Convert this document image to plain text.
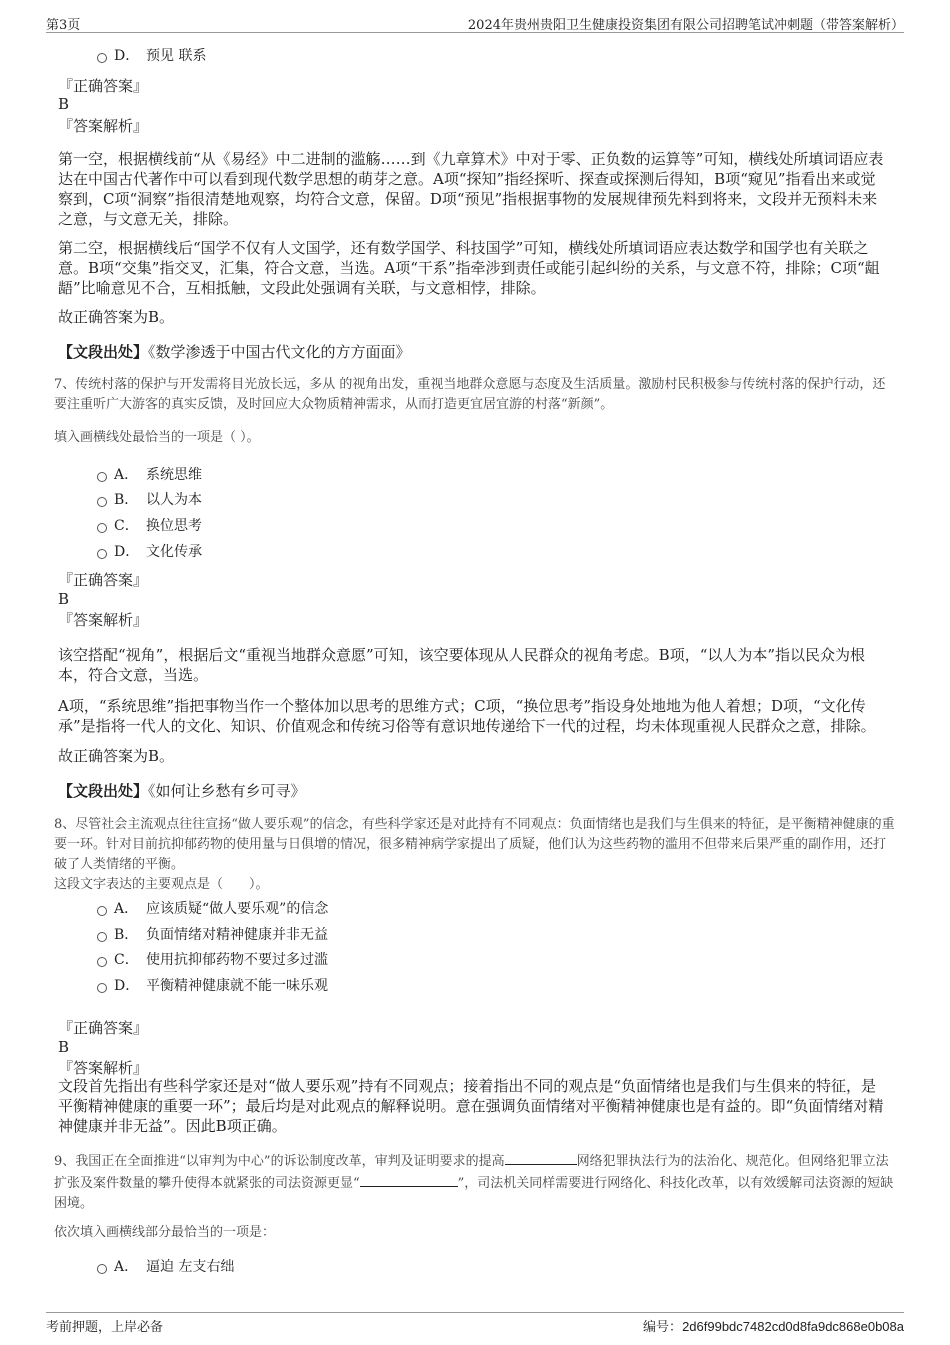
第3页	2024年贵州贵阳卫生健康投资集团有限公司招聘笔试冲刺题（带答案解析）
D． 预见 联系
『正确答案』
B
『答案解析』

第一空，根据横线前“从《易经》中二进制的滥觞……到《九章算术》中对于零、正负数的运算等”可知，横线处所填词语应表达在中国古代著作中可以看到现代数学思想的萌芽之意。A项“探知”指经探听、探查或探测后得知，B项“窥见”指看出来或觉察到，C项“洞察”指很清楚地观察，均符合文意，保留。D项“预见”指根据事物的发展规律预先料到将来，文段并无预料未来之意，与文意无关，排除。

第二空，根据横线后“国学不仅有人文国学，还有数学国学、科技国学”可知，横线处所填词语应表达数学和国学也有关联之意。B项“交集”指交叉，汇集，符合文意，当选。A项“干系”指牵涉到责任或能引起纠纷的关系，与文意不符，排除；C项“龃龉”比喻意见不合，互相抵触，文段此处强调有关联，与文意相悖，排除。

故正确答案为B。

【文段出处】《数学渗透于中国古代文化的方方面面》

7、传统村落的保护与开发需将目光放长远，多从 的视角出发，重视当地群众意愿与态度及生活质量。激励村民积极参与传统村落的保护行动，还要注重听广大游客的真实反馈，及时回应大众物质精神需求，从而打造更宜居宜游的村落“新颜”。

填入画横线处最恰当的一项是（ ）。

A． 系统思维
B． 以人为本
C． 换位思考
D． 文化传承
『正确答案』
B
『答案解析』

该空搭配“视角”，根据后文“重视当地群众意愿”可知，该空要体现从人民群众的视角考虑。B项，“以人为本”指以民众为根本，符合文意，当选。

A项，“系统思维”指把事物当作一个整体加以思考的思维方式；C项，“换位思考”指设身处地地为他人着想；D项，“文化传承”是指将一代人的文化、知识、价值观念和传统习俗等有意识地传递给下一代的过程，均未体现重视人民群众之意，排除。

故正确答案为B。

【文段出处】《如何让乡愁有乡可寻》

8、尽管社会主流观点往往宣扬“做人要乐观”的信念，有些科学家还是对此持有不同观点：负面情绪也是我们与生俱来的特征，是平衡精神健康的重要一环。针对目前抗抑郁药物的使用量与日俱增的情况，很多精神病学家提出了质疑，他们认为这些药物的滥用不但带来后果严重的副作用，还打破了人类情绪的平衡。

这段文字表达的主要观点是（　　）。

A． 应该质疑“做人要乐观”的信念
B． 负面情绪对精神健康并非无益
C． 使用抗抑郁药物不要过多过滥
D． 平衡精神健康就不能一味乐观
『正确答案』
B
『答案解析』

文段首先指出有些科学家还是对“做人要乐观”持有不同观点；接着指出不同的观点是“负面情绪也是我们与生俱来的特征，是平衡精神健康的重要一环”；最后均是对此观点的解释说明。意在强调负面情绪对平衡精神健康也是有益的。即“负面情绪对精神健康并非无益”。因此B项正确。

9、我国正在全面推进“以审判为中心”的诉讼制度改革，审判及证明要求的提高	网络犯罪执法行为的法治化、规范化。但网络犯罪立法扩张及案件数量的攀升使得本就紧张的司法资源更显“	”，司法机关同样需要进行网络化、科技化改革，以有效缓解司法资源的短缺困境。

依次填入画横线部分最恰当的一项是：

A． 逼迫 左支右绌
考前押题，上岸必备	编号：2d6f99bdc7482cd0d8fa9dc868e0b08a
